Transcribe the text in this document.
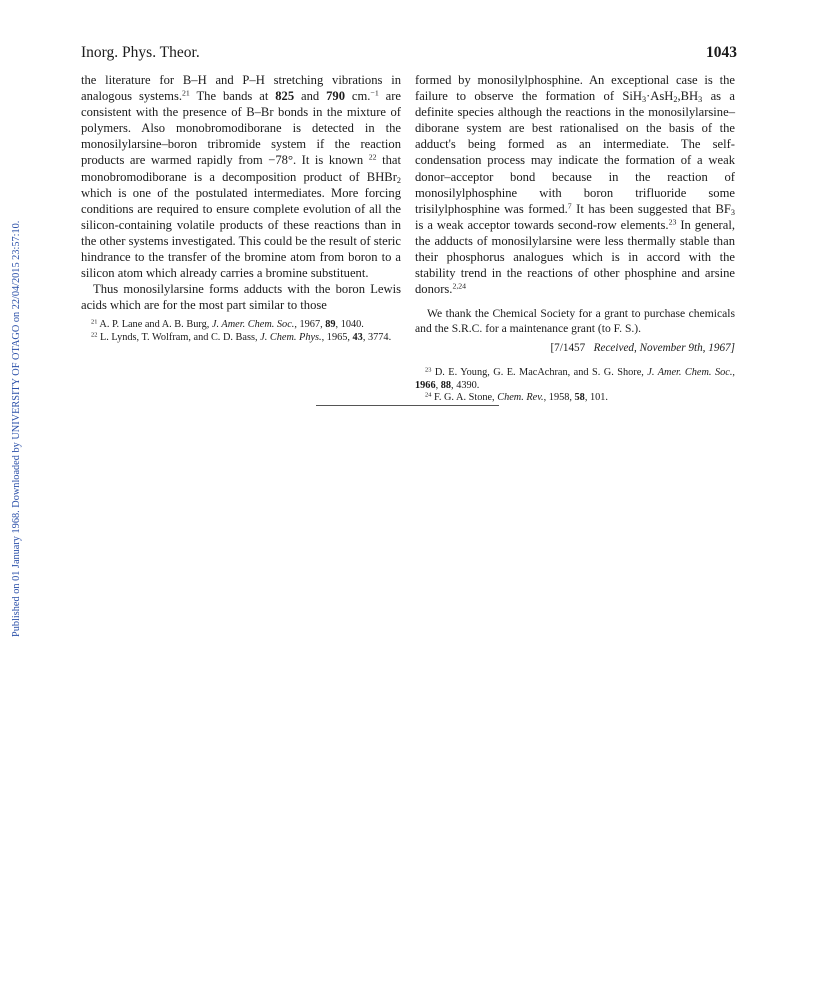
Published on 01 January 1968. Downloaded by UNIVERSITY OF OTAGO on 22/04/2015 23:57:10.
Inorg. Phys. Theor.	1043

the literature for B–H and P–H stretching vibrations in analogous systems.$^{21}$ The bands at 825 and 790 cm.$^{-1}$ are consistent with the presence of B–Br bonds in the mixture of polymers. Also monobromodiborane is detected in the monosilylarsine–boron tribromide system if the reaction products are warmed rapidly from −78°. It is known $^{22}$ that monobromodiborane is a decomposition product of BHBr$_2$ which is one of the postulated intermediates. More forcing conditions are required to ensure complete evolution of all the silicon-containing volatile products of these reactions than in the other systems investigated. This could be the result of steric hindrance to the transfer of the bromine atom from boron to a silicon atom which already carries a bromine substituent.

Thus monosilylarsine forms adducts with the boron Lewis acids which are for the most part similar to those

$^{21}$ A. P. Lane and A. B. Burg, J. Amer. Chem. Soc., 1967, 89, 1040.
$^{22}$ L. Lynds, T. Wolfram, and C. D. Bass, J. Chem. Phys., 1965, 43, 3774.

formed by monosilylphosphine. An exceptional case is the failure to observe the formation of $SiH_3\cdot AsH_2,BH_3$ as a definite species although the reactions in the monosilylarsine–diborane system are best rationalised on the basis of the adduct's being formed as an intermediate. The self-condensation process may indicate the formation of a weak donor–acceptor bond because in the reaction of monosilylphosphine with boron trifluoride some trisilylphosphine was formed.$^7$ It has been suggested that $BF_3$ is a weak acceptor towards second-row elements.$^{23}$ In general, the adducts of monosilylarsine were less thermally stable than their phosphorus analogues which is in accord with the stability trend in the reactions of other phosphine and arsine donors.$^{2,24}$

We thank the Chemical Society for a grant to purchase chemicals and the S.R.C. for a maintenance grant (to F. S.).

[7/1457 Received, November 9th, 1967]

$^{23}$ D. E. Young, G. E. MacAchran, and S. G. Shore, J. Amer. Chem. Soc., 1966, 88, 4390.
$^{24}$ F. G. A. Stone, Chem. Rev., 1958, 58, 101.
